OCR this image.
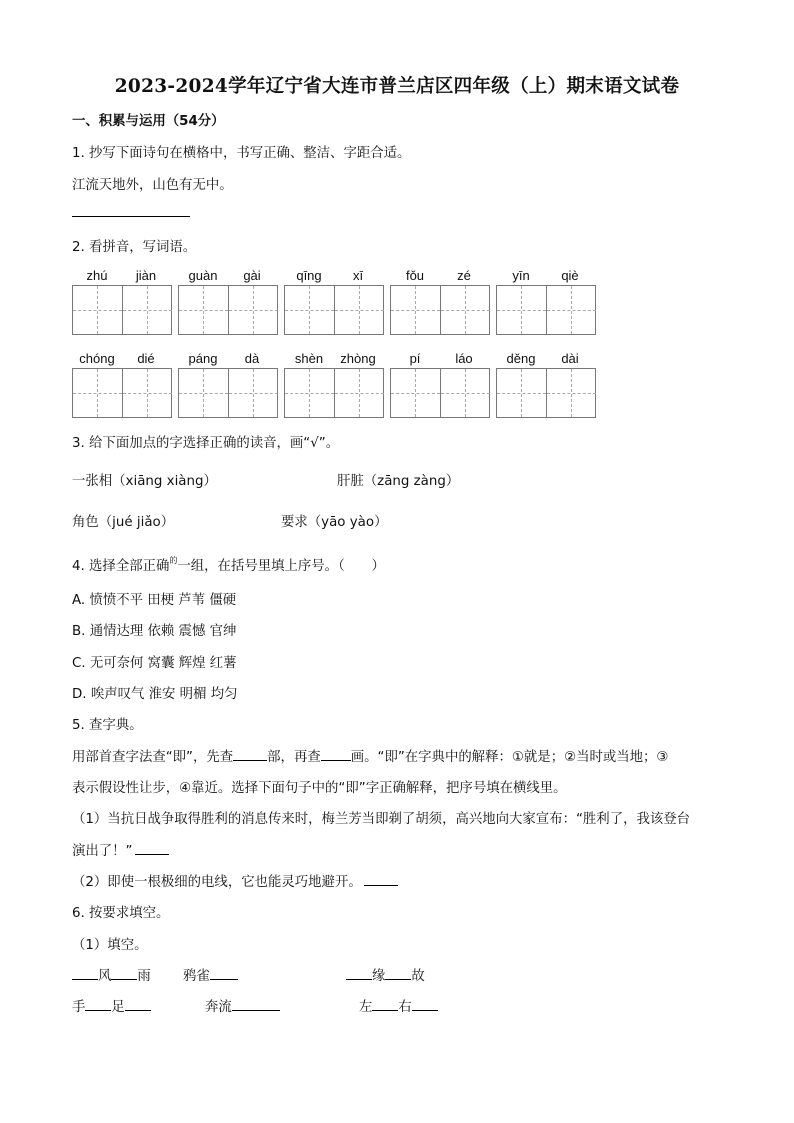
2023-2024学年辽宁省大连市普兰店区四年级（上）期末语文试卷
一、积累与运用（54分）
1. 抄写下面诗句在横格中，书写正确、整洁、字距合适。
江流天地外，山色有无中。
2. 看拼音，写词语。
zhú	jiàn	guàn	gài	qīng	xī	fǒu	zé	yīn	qiè
chóng	dié	páng	dà	shèn	zhòng	pí	láo	děng	dài
3. 给下面加点的字选择正确的读音，画“√”。
一张相（xiāng xiàng）	肝脏（zāng zàng）
角色（jué jiǎo）	要求（yāo yào）
4. 选择全部正确$^的$一组，在括号里填上序号。（　　）
A. 愤愤不平 田梗 芦苇 僵硬
B. 通情达理 依赖 震憾 官绅
C. 无可奈何 窝囊 辉煌 红薯
D. 唉声叹气 淮安 明楣 均匀
5. 查字典。
用部首查字法查“即”，先查	部，再查 画。“即”在字典中的解释：①就是；②当时或当地；③
表示假设性让步，④靠近。选择下面句子中的“即”字正确解释，把序号填在横线里。
（1）当抗日战争取得胜利的消息传来时，梅兰芳当即剃了胡须，高兴地向大家宣布：“胜利了，我该登台
演出了！”
（2）即使一根极细的电线，它也能灵巧地避开。
6. 按要求填空。
（1）填空。
风 雨 鸦雀	缘 故
手 足	奔流	左 右
